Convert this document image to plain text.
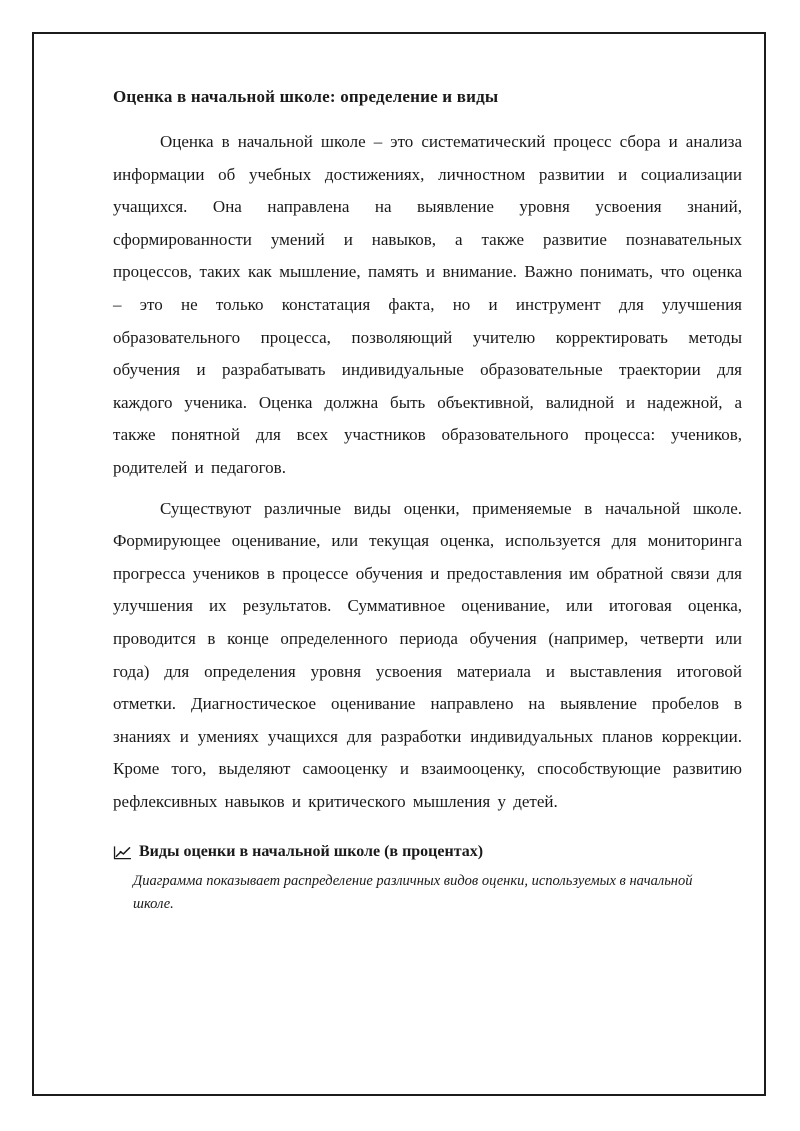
Оценка в начальной школе: определение и виды

Оценка в начальной школе – это систематический процесс сбора и анализа информации об учебных достижениях, личностном развитии и социализации учащихся. Она направлена на выявление уровня усвоения знаний, сформированности умений и навыков, а также развитие познавательных процессов, таких как мышление, память и внимание. Важно понимать, что оценка – это не только констатация факта, но и инструмент для улучшения образовательного процесса, позволяющий учителю корректировать методы обучения и разрабатывать индивидуальные образовательные траектории для каждого ученика. Оценка должна быть объективной, валидной и надежной, а также понятной для всех участников образовательного процесса: учеников, родителей и педагогов.

Существуют различные виды оценки, применяемые в начальной школе. Формирующее оценивание, или текущая оценка, используется для мониторинга прогресса учеников в процессе обучения и предоставления им обратной связи для улучшения их результатов. Суммативное оценивание, или итоговая оценка, проводится в конце определенного периода обучения (например, четверти или года) для определения уровня усвоения материала и выставления итоговой отметки. Диагностическое оценивание направлено на выявление пробелов в знаниях и умениях учащихся для разработки индивидуальных планов коррекции. Кроме того, выделяют самооценку и взаимооценку, способствующие развитию рефлексивных навыков и критического мышления у детей.

Виды оценки в начальной школе (в процентах)

Диаграмма показывает распределение различных видов оценки, используемых в начальной школе.
